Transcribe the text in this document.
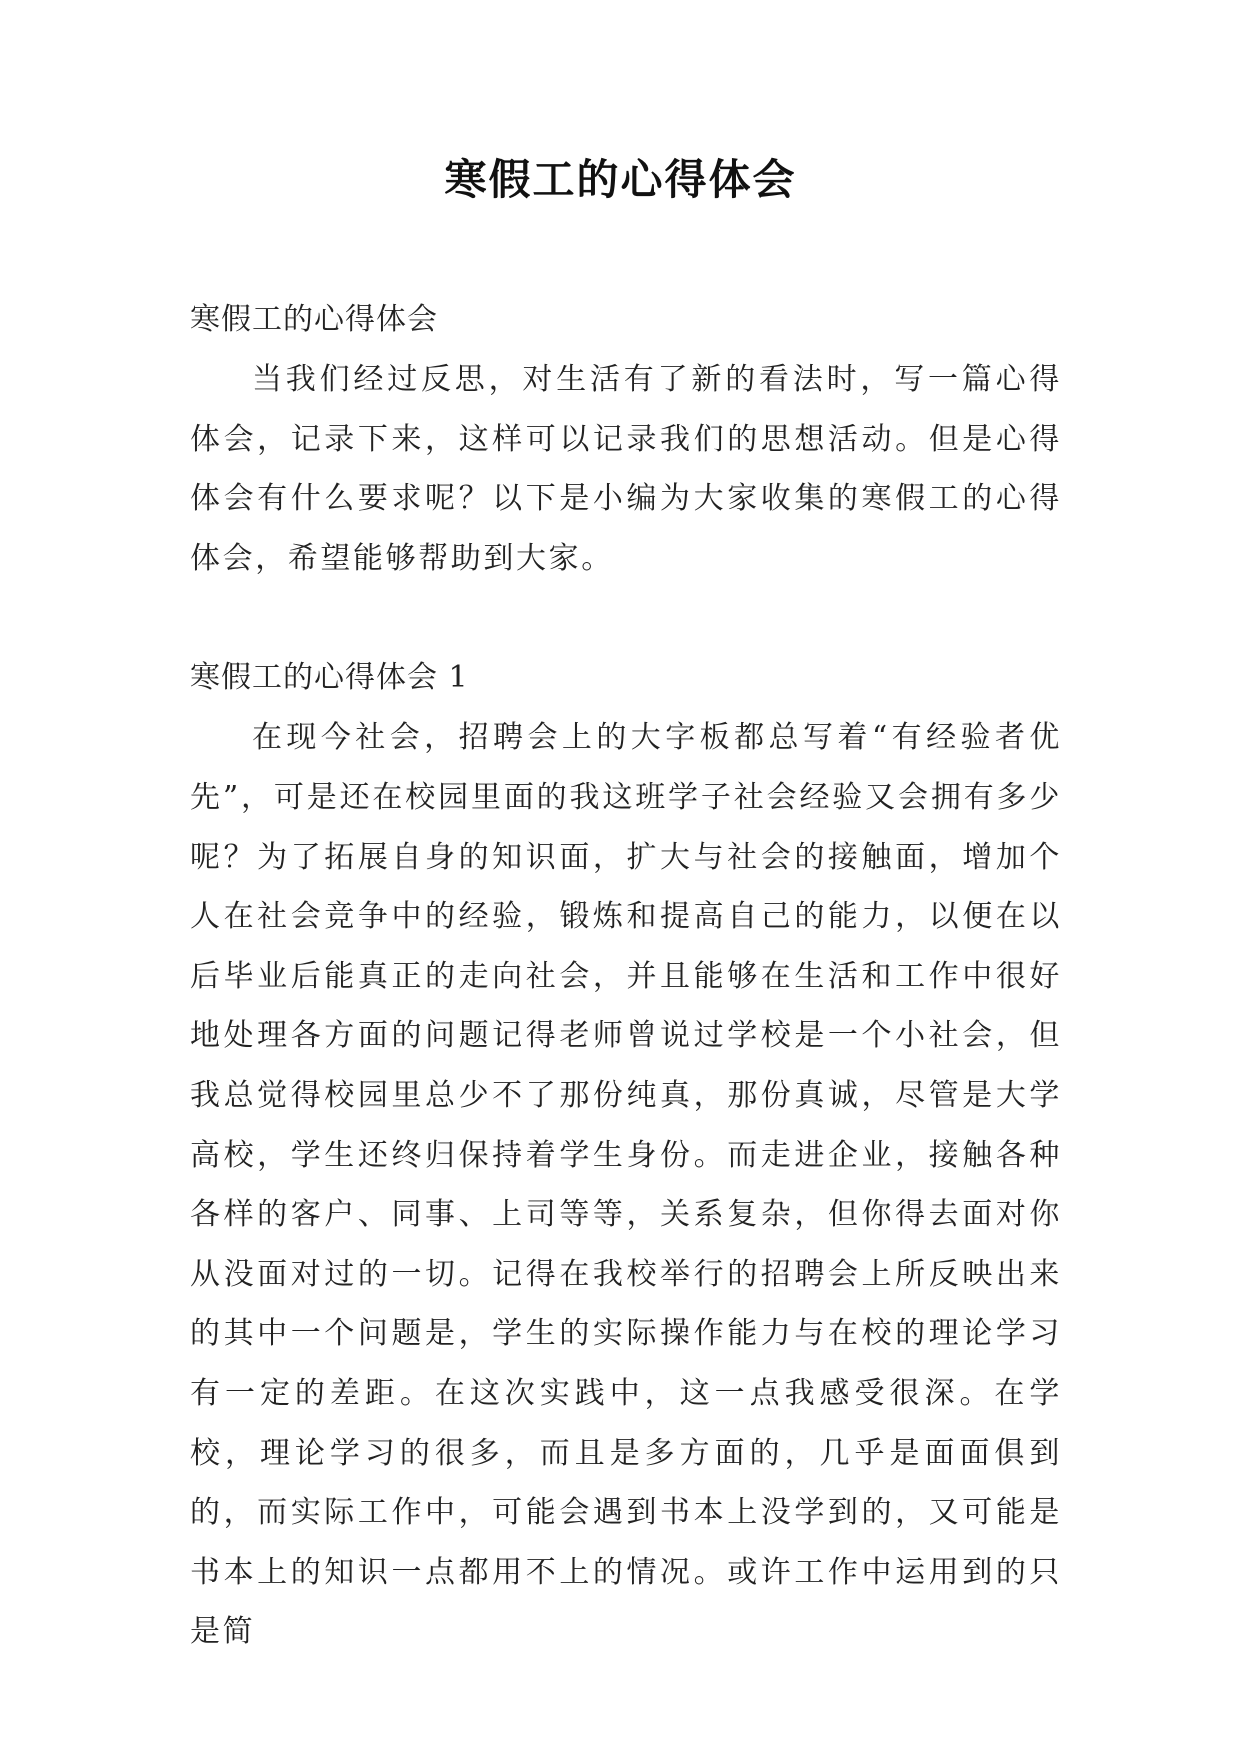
寒假工的心得体会

寒假工的心得体会

当我们经过反思，对生活有了新的看法时，写一篇心得体会，记录下来，这样可以记录我们的思想活动。但是心得体会有什么要求呢？以下是小编为大家收集的寒假工的心得体会，希望能够帮助到大家。

寒假工的心得体会 1

在现今社会，招聘会上的大字板都总写着“有经验者优先”，可是还在校园里面的我这班学子社会经验又会拥有多少呢？为了拓展自身的知识面，扩大与社会的接触面，增加个人在社会竞争中的经验，锻炼和提高自己的能力，以便在以后毕业后能真正的走向社会，并且能够在生活和工作中很好地处理各方面的问题记得老师曾说过学校是一个小社会，但我总觉得校园里总少不了那份纯真，那份真诚，尽管是大学高校，学生还终归保持着学生身份。而走进企业，接触各种各样的客户、同事、上司等等，关系复杂，但你得去面对你从没面对过的一切。记得在我校举行的招聘会上所反映出来的其中一个问题是，学生的实际操作能力与在校的理论学习有一定的差距。在这次实践中，这一点我感受很深。在学校，理论学习的很多，而且是多方面的，几乎是面面俱到的，而实际工作中，可能会遇到书本上没学到的，又可能是书本上的知识一点都用不上的情况。或许工作中运用到的只是简
